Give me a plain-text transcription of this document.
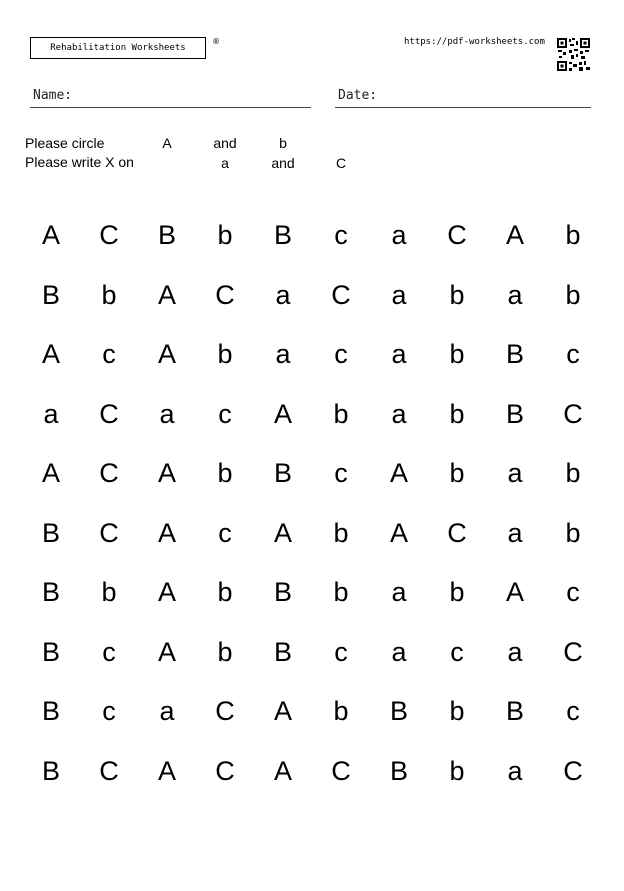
Rehabilitation Worksheets
®	https://pdf-worksheets.com
Name:	Date:
Please circle	A	and	b
Please write X on	a	and	C
A	C	B	b	B	c	a	C	A	b
B	b	A	C	a	C	a	b	a	b
A	c	A	b	a	c	a	b	B	c
a	C	a	c	A	b	a	b	B	C
A	C	A	b	B	c	A	b	a	b
B	C	A	c	A	b	A	C	a	b
B	b	A	b	B	b	a	b	A	c
B	c	A	b	B	c	a	c	a	C
B	c	a	C	A	b	B	b	B	c
B	C	A	C	A	C	B	b	a	C
